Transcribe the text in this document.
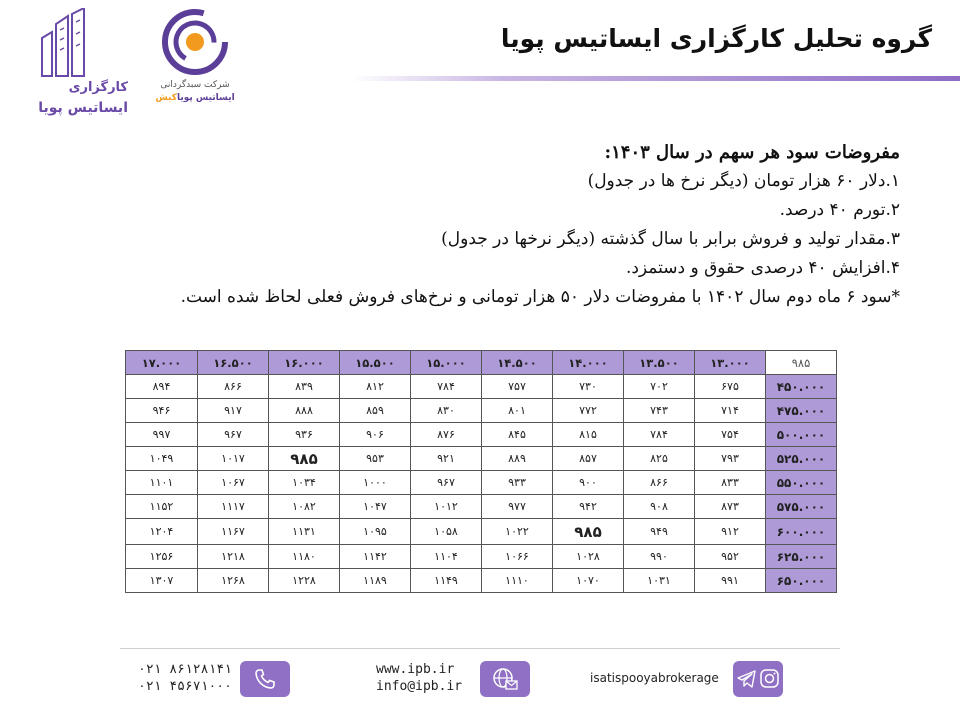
گروه تحلیل کارگزاری ایساتیس پویا
کارگزاری
ایساتیس پویا
شرکت سبدگردانی
ایساتیس پویاکیش
مفروضات سود هر سهم در سال ۱۴۰۳:
۱.دلار ۶۰ هزار تومان (دیگر نرخ ها در جدول)
۲.تورم ۴۰ درصد.
۳.مقدار تولید و فروش برابر با سال گذشته (دیگر نرخها در جدول)
۴.افزایش ۴۰ درصدی حقوق و دستمزد.
*سود ۶ ماه دوم سال ۱۴۰۲ با مفروضات دلار ۵۰ هزار تومانی و نرخ‌های فروش فعلی لحاظ شده است.
۹۸۵	۱۳.۰۰۰	۱۳.۵۰۰	۱۴.۰۰۰	۱۴.۵۰۰	۱۵.۰۰۰	۱۵.۵۰۰	۱۶.۰۰۰	۱۶.۵۰۰	۱۷.۰۰۰
۴۵۰.۰۰۰	۶۷۵	۷۰۲	۷۳۰	۷۵۷	۷۸۴	۸۱۲	۸۳۹	۸۶۶	۸۹۴
۴۷۵.۰۰۰	۷۱۴	۷۴۳	۷۷۲	۸۰۱	۸۳۰	۸۵۹	۸۸۸	۹۱۷	۹۴۶
۵۰۰.۰۰۰	۷۵۴	۷۸۴	۸۱۵	۸۴۵	۸۷۶	۹۰۶	۹۳۶	۹۶۷	۹۹۷
۵۲۵.۰۰۰	۷۹۳	۸۲۵	۸۵۷	۸۸۹	۹۲۱	۹۵۳	۹۸۵	۱۰۱۷	۱۰۴۹
۵۵۰.۰۰۰	۸۳۳	۸۶۶	۹۰۰	۹۳۳	۹۶۷	۱۰۰۰	۱۰۳۴	۱۰۶۷	۱۱۰۱
۵۷۵.۰۰۰	۸۷۳	۹۰۸	۹۴۲	۹۷۷	۱۰۱۲	۱۰۴۷	۱۰۸۲	۱۱۱۷	۱۱۵۲
۶۰۰.۰۰۰	۹۱۲	۹۴۹	۹۸۵	۱۰۲۲	۱۰۵۸	۱۰۹۵	۱۱۳۱	۱۱۶۷	۱۲۰۴
۶۲۵.۰۰۰	۹۵۲	۹۹۰	۱۰۲۸	۱۰۶۶	۱۱۰۴	۱۱۴۲	۱۱۸۰	۱۲۱۸	۱۲۵۶
۶۵۰.۰۰۰	۹۹۱	۱۰۳۱	۱۰۷۰	۱۱۱۰	۱۱۴۹	۱۱۸۹	۱۲۲۸	۱۲۶۸	۱۳۰۷
۰۲۱ ۸۶۱۲۸۱۴۱
۰۲۱ ۴۵۶۷۱۰۰۰
www.ipb.ir
info@ipb.ir
isatispooyabrokerage
